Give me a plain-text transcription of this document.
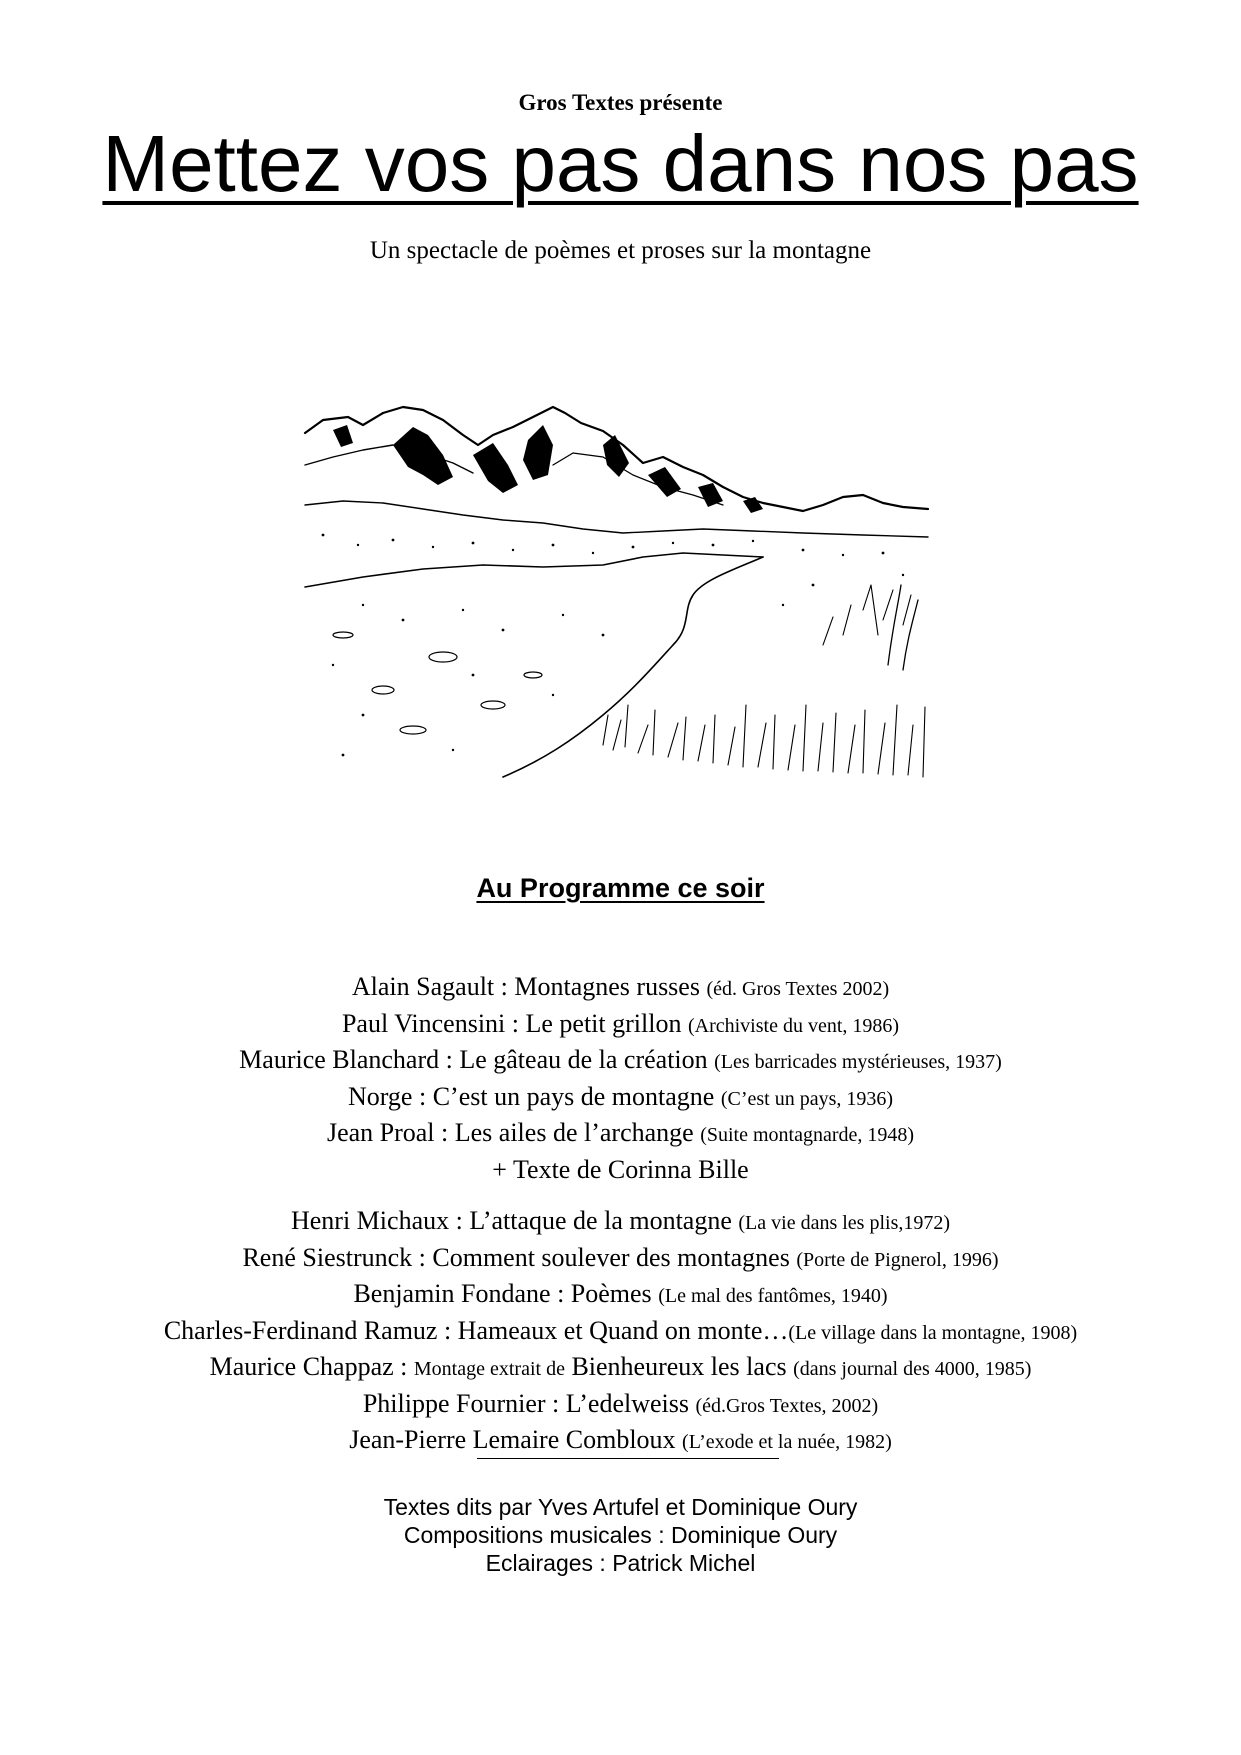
Gros Textes présente
Mettez vos pas dans nos pas
Un spectacle de poèmes et proses sur la montagne
Au Programme ce soir
Alain Sagault : Montagnes russes (éd. Gros Textes 2002)
Paul Vincensini : Le petit grillon (Archiviste du vent, 1986)
Maurice Blanchard : Le gâteau de la création (Les barricades mystérieuses, 1937)
Norge : C’est un pays de montagne (C’est un pays, 1936)
Jean Proal : Les ailes de l’archange (Suite montagnarde, 1948)
+ Texte de Corinna Bille
Henri Michaux : L’attaque de la montagne (La vie dans les plis,1972)
René Siestrunck : Comment soulever des montagnes (Porte de Pignerol, 1996)
Benjamin Fondane : Poèmes (Le mal des fantômes, 1940)
Charles-Ferdinand Ramuz : Hameaux et Quand on monte…(Le village dans la montagne, 1908)
Maurice Chappaz : Montage extrait de Bienheureux les lacs (dans journal des 4000, 1985)
Philippe Fournier : L’edelweiss (éd.Gros Textes, 2002)
Jean-Pierre Lemaire Combloux (L’exode et la nuée, 1982)
Textes dits par Yves Artufel et Dominique Oury
Compositions musicales : Dominique Oury
Eclairages : Patrick Michel
